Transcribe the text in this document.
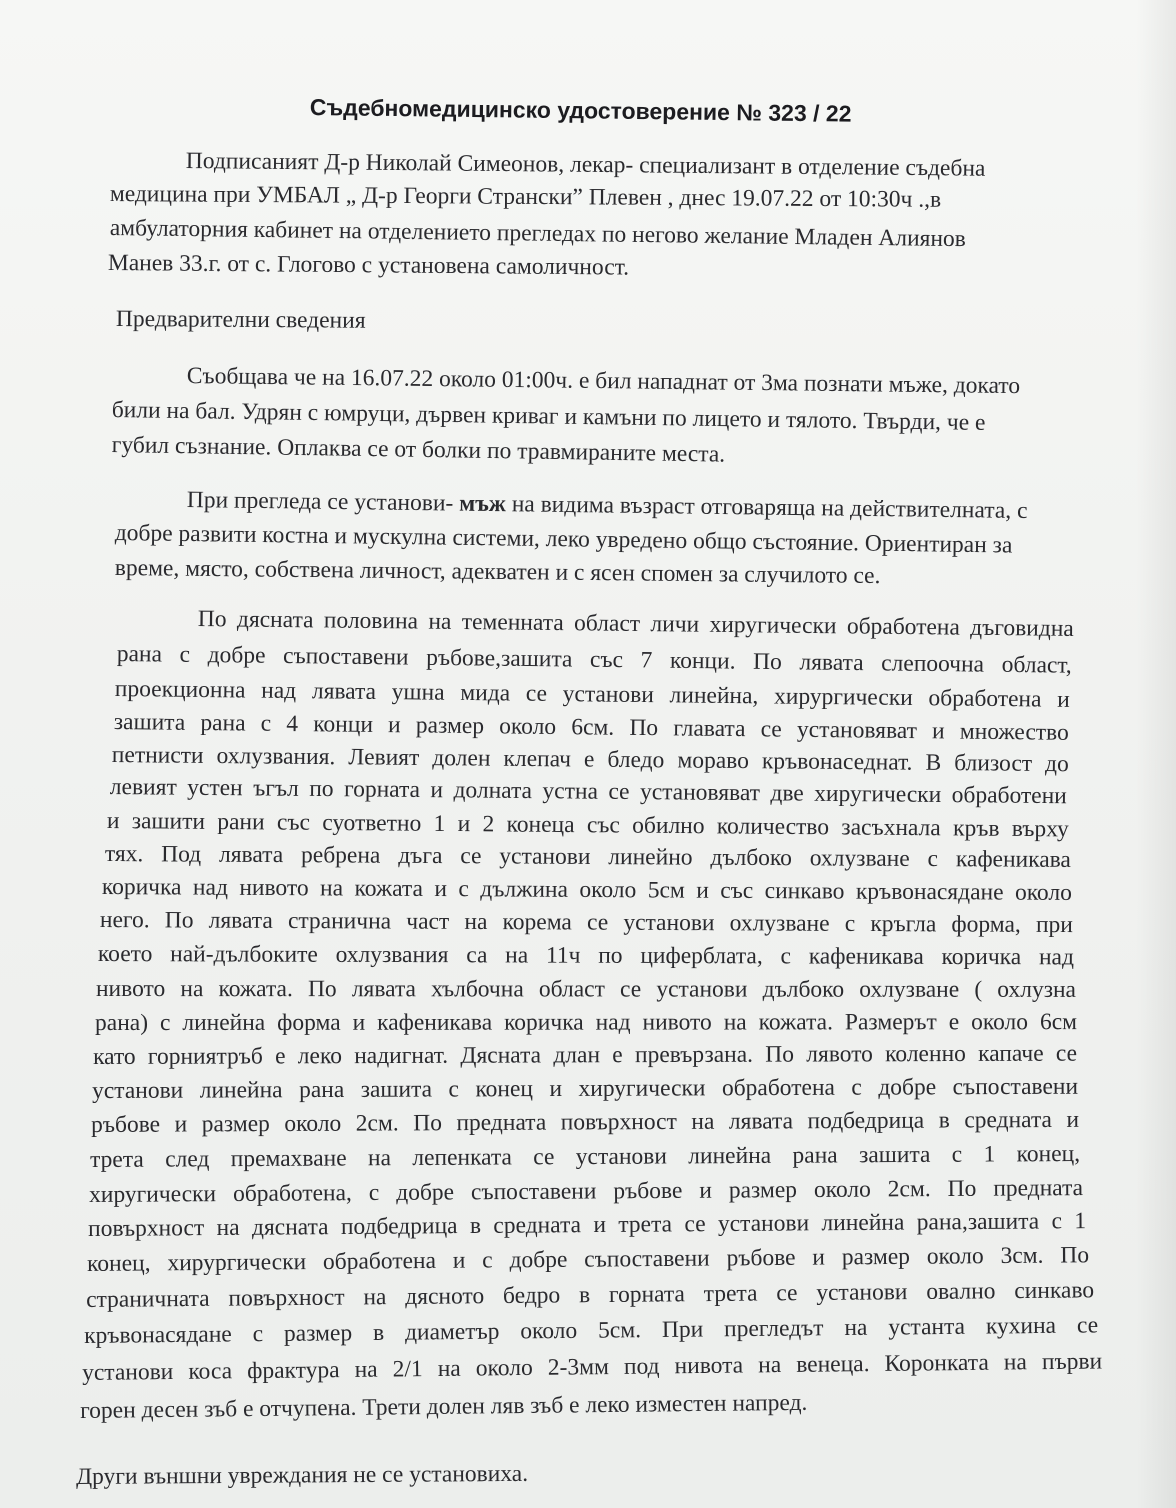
Съдебномедицинско удостоверение № 323 / 22
Подписаният Д-р Николай Симеонов, лекар- специализант в отделение съдебна
медицина при УМБАЛ „ Д-р Георги Странски” Плевен , днес 19.07.22 от 10:30ч .,в
амбулаторния кабинет на отделението прегледах по негово желание Младен Алиянов
Манев 33.г. от с. Глогово с установена самоличност.
Предварителни сведения
Съобщава че на 16.07.22 около 01:00ч. е бил нападнат от 3ма познати мъже, докато
били на бал. Удрян с юмруци, дървен криваг и камъни по лицето и тялото. Твърди, че е
губил съзнание. Оплаква се от болки по травмираните места.
При прегледа се установи- мъж на видима възраст отговаряща на действителната, с
добре развити костна и мускулна системи, леко увредено общо състояние. Ориентиран за
време, място, собствена личност, адекватен и с ясен спомен за случилото се.
По дясната половина на теменната област личи хиругически обработена дъговидна
рана с добре съпоставени ръбове,зашита със 7 конци. По лявата слепоочна област,
проекционна над лявата ушна мида се установи линейна, хирургически обработена и
зашита рана с 4 конци и размер около 6см. По главата се установяват и множество
петнисти охлузвания. Левият долен клепач е бледо мораво кръвонаседнат. В близост до
левият устен ъгъл по горната и долната устна се установяват две хиругически обработени
и зашити рани със суответно 1 и 2 конеца със обилно количество засъхнала кръв върху
тях. Под лявата ребрена дъга се установи линейно дълбоко охлузване с кафеникава
коричка над нивото на кожата и с дължина около 5см и със синкаво кръвонасядане около
него. По лявата странична част на корема се установи охлузване с кръгла форма, при
което най-дълбоките охлузвания са на 11ч по циферблата, с кафеникава коричка над
нивото на кожата. По лявата хълбочна област се установи дълбоко охлузване ( охлузна
рана) с линейна форма и кафеникава коричка над нивото на кожата. Размерът е около 6см
като горниятръб е леко надигнат. Дясната длан е превързана. По лявото коленно капаче се
установи линейна рана зашита с конец и хиругически обработена с добре съпоставени
ръбове и размер около 2см. По предната повърхност на лявата подбедрица в средната и
трета след премахване на лепенката се установи линейна рана зашита с 1 конец,
хиругически обработена, с добре съпоставени ръбове и размер около 2см. По предната
повърхност на дясната подбедрица в средната и трета се установи линейна рана,зашита с 1
конец, хирургически обработена и с добре съпоставени ръбове и размер около 3см. По
страничната повърхност на дясното бедро в горната трета се установи овално синкаво
кръвонасядане с размер в диаметър около 5см. При прегледът на устанта кухина се
установи коса фрактура на 2/1 на около 2-3мм под нивота на венеца. Коронката на първи
горен десен зъб е отчупена. Трети долен ляв зъб е леко изместен напред.
Други външни увреждания не се установиха.
